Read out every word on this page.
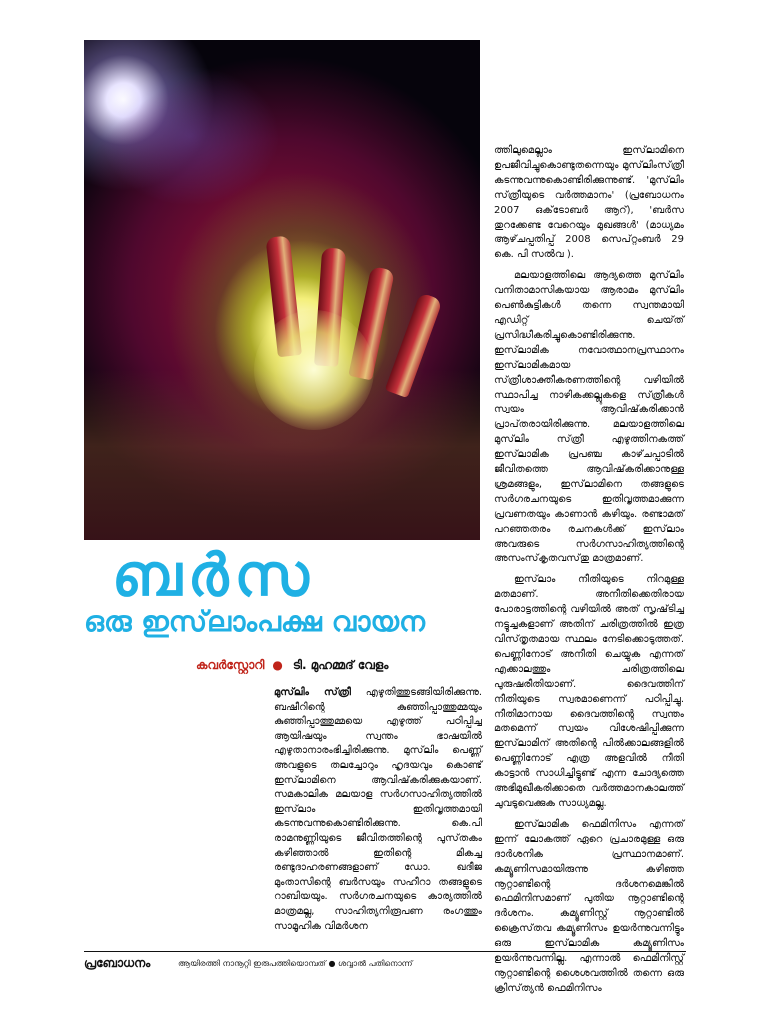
ബർസ
ഒരു ഇസ്‌ലാംപക്ഷ വായന
കവർസ്റ്റോറി ● ടി. മുഹമ്മദ്‌ വേളം

മുസ്‌ലിം സ്‌ത്രീ എഴുതിത്തുടങ്ങിയിരിക്കുന്നു. ബഷീറിന്റെ കുഞ്ഞിപ്പാത്തുമ്മയും കുഞ്ഞിപ്പാത്തുമ്മയെ എഴുത്ത്‌ പഠിപ്പിച്ച ആയിഷയും സ്വന്തം ഭാഷയിൽ എഴുതാനാരംഭിച്ചിരിക്കുന്നു. മുസ്‌ലിം പെണ്ണ്‌ അവളുടെ തലച്ചോറും ഹൃദയവും കൊണ്ട്‌ ഇസ്‌ലാമിനെ ആവിഷ്‌കരിക്കുകയാണ്‌. സമകാലിക മലയാള സർഗസാഹിത്യത്തിൽ ഇസ്‌ലാം ഇതിവൃത്തമായി കടന്നുവന്നുകൊണ്ടിരിക്കുന്നു. കെ.പി രാമനുണ്ണിയുടെ ജീവിതത്തിന്റെ പുസ്‌തകം കഴിഞ്ഞാൽ ഇതിന്റെ മികച്ച രണ്ടുദാഹരണങ്ങളാണ്‌ ഡോ. ഖദീജ മുംതാസിന്റെ ബർസയും സഹീറാ തങ്ങളുടെ റാബിയയും. സർഗരചനയുടെ കാര്യത്തിൽ മാത്രമല്ല, സാഹിത്യനിരൂപണ രംഗത്തും സാമൂഹിക വിമർശന

ത്തിലുമെല്ലാം ഇസ്‌ലാമിനെ ഉപജീവിച്ചുകൊണ്ടുതന്നെയും മുസ്‌ലിംസ്‌ത്രീ കടന്നുവന്നുകൊണ്ടിരിക്കുന്നുണ്ട്‌. 'മുസ്‌ലിം സ്‌ത്രീയുടെ വർത്തമാനം' (പ്രബോധനം 2007 ഒക്‌ടോബർ ആറ്‌), 'ബർസ തുറക്കേണ്ട വേറെയും മുഖങ്ങൾ' (മാധ്യമം ആഴ്‌ചപ്പതിപ്പ്‌ 2008 സെപ്‌റ്റംബർ 29 കെ. പി സൽവ ).

മലയാളത്തിലെ ആദ്യത്തെ മുസ്‌ലിം വനിതാമാസികയായ ആരാമം മുസ്‌ലിം പെൺകുട്ടികൾ തന്നെ സ്വന്തമായി എഡിറ്റ്‌ ചെയ്‌ത്‌ പ്രസിദ്ധീകരിച്ചുകൊണ്ടിരിക്കുന്നു. ഇസ്‌ലാമിക നവോത്ഥാനപ്രസ്ഥാനം ഇസ്‌ലാമികമായ സ്‌ത്രീശാക്തീകരണത്തിന്റെ വഴിയിൽ സ്ഥാപിച്ച നാഴികക്കല്ലുകളെ സ്‌ത്രീകൾ സ്വയം ആവിഷ്‌കരിക്കാൻ പ്രാപ്‌തരായിരിക്കുന്നു. മലയാളത്തിലെ മുസ്‌ലിം സ്‌ത്രീ എഴുത്തിനകത്ത്‌ ഇസ്‌ലാമിക പ്രപഞ്ച കാഴ്‌ചപ്പാടിൽ ജീവിതത്തെ ആവിഷ്‌കരിക്കാനുള്ള ശ്രമങ്ങളും, ഇസ്‌ലാമിനെ തങ്ങളുടെ സർഗരചനയുടെ ഇതിവൃത്തമാക്കുന്ന പ്രവണതയും കാണാൻ കഴിയും. രണ്ടാമത്‌ പറഞ്ഞതരം രചനകൾക്ക്‌ ഇസ്‌ലാം അവരുടെ സർഗസാഹിത്യത്തിന്റെ അസംസ്‌കൃതവസ്‌തു മാത്രമാണ്‌.

ഇസ്‌ലാം നീതിയുടെ നിറമുള്ള മതമാണ്‌. അനീതിക്കെതിരായ പോരാട്ടത്തിന്റെ വഴിയിൽ അത്‌ സൃഷ്‌ടിച്ച നട്ടുച്ചകളാണ്‌ അതിന്‌ ചരിത്രത്തിൽ ഇത്ര വിസ്‌തൃതമായ സ്ഥലം നേടിക്കൊടുത്തത്‌. പെണ്ണിനോട്‌ അനീതി ചെയ്യുക എന്നത്‌ എക്കാലത്തും ചരിത്രത്തിലെ പുരുഷരീതിയാണ്‌. ദൈവത്തിന്‌ നീതിയുടെ സ്വരമാണെന്ന്‌ പഠിപ്പിച്ചു. നീതിമാനായ ദൈവത്തിന്റെ സ്വന്തം മതമെന്ന്‌ സ്വയം വിശേഷിപ്പിക്കുന്ന ഇസ്‌ലാമിന്‌ അതിന്റെ പിൽക്കാലങ്ങളിൽ പെണ്ണിനോട്‌ എത്ര അളവിൽ നീതി കാട്ടാൻ സാധിച്ചിട്ടുണ്ട്‌ എന്ന ചോദ്യത്തെ അഭിമുഖീകരിക്കാതെ വർത്തമാനകാലത്ത്‌ ചുവടുവെക്കുക സാധ്യമല്ല.

ഇസ്‌ലാമിക ഫെമിനിസം എന്നത്‌ ഇന്ന്‌ ലോകത്ത്‌ ഏറെ പ്രചാരമുള്ള ഒരു ദാർശനിക പ്രസ്ഥാനമാണ്‌. കമ്യൂണിസമായിരുന്നു കഴിഞ്ഞ നൂറ്റാണ്ടിന്റെ ദർശനമെങ്കിൽ ഫെമിനിസമാണ്‌ പുതിയ നൂറ്റാണ്ടിന്റെ ദർശനം. കമ്യൂണിസ്റ്റ്‌ നൂറ്റാണ്ടിൽ ക്രൈസ്‌തവ കമ്യൂണിസം ഉയർന്നുവന്നിട്ടും ഒരു ഇസ്‌ലാമിക കമ്യൂണിസം ഉയർന്നുവന്നില്ല. എന്നാൽ ഫെമിനിസ്റ്റ്‌ നൂറ്റാണ്ടിന്റെ ശൈശവത്തിൽ തന്നെ ഒരു ക്രിസ്‌ത്യൻ ഫെമിനിസം

പ്രബോധനം	ആയിരത്തി നാനൂറ്റി ഇരുപത്തിയൊമ്പത്‌ ● ശവ്വാൽ പതിനൊന്ന്‌
